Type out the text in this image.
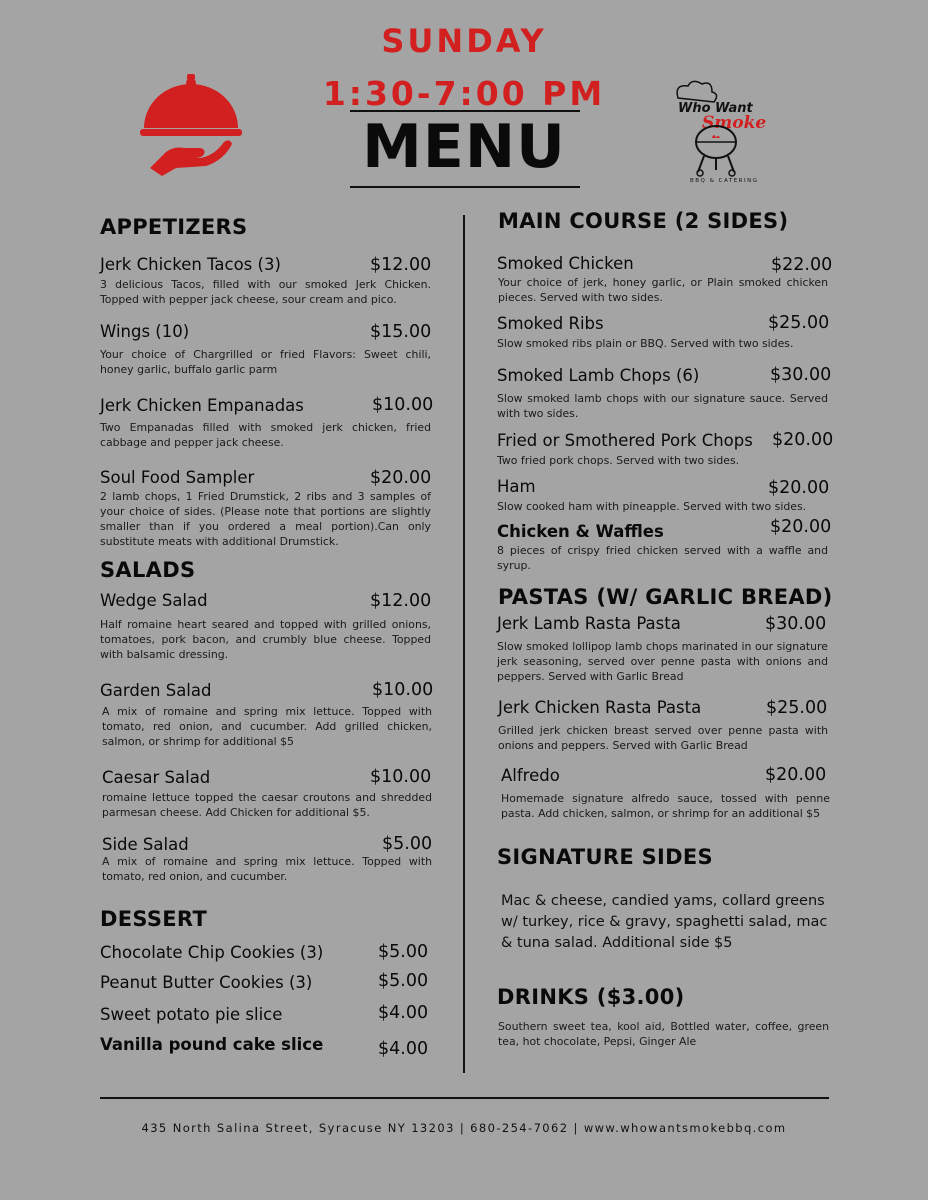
SUNDAY
1:30-7:00 PM
MENU
Who Want
Smoke
BBQ & CATERING
APPETIZERS
Jerk Chicken Tacos (3)	$12.00
3 delicious Tacos, filled with our smoked Jerk Chicken. Topped with pepper jack cheese, sour cream and pico.
Wings (10)	$15.00
Your choice of Chargrilled or fried Flavors: Sweet chili, honey garlic, buffalo garlic parm
Jerk Chicken Empanadas	$10.00
Two Empanadas filled with smoked jerk chicken, fried cabbage and pepper jack cheese.
Soul Food Sampler	$20.00
2 lamb chops, 1 Fried Drumstick, 2 ribs and 3 samples of your choice of sides. (Please note that portions are slightly smaller than if you ordered a meal portion).Can only substitute meats with additional Drumstick.
SALADS
Wedge Salad	$12.00
Half romaine heart seared and topped with grilled onions, tomatoes, pork bacon, and crumbly blue cheese. Topped with balsamic dressing.
Garden Salad	$10.00
A mix of romaine and spring mix lettuce. Topped with tomato, red onion, and cucumber. Add grilled chicken, salmon, or shrimp for additional $5
Caesar Salad	$10.00
romaine lettuce topped the caesar croutons and shredded parmesan cheese. Add Chicken for additional $5.
Side Salad	$5.00
A mix of romaine and spring mix lettuce. Topped with tomato, red onion, and cucumber.
DESSERT
Chocolate Chip Cookies (3)	$5.00
Peanut Butter Cookies (3)	$5.00
Sweet potato pie slice	$4.00
Vanilla pound cake slice	$4.00
MAIN COURSE (2 SIDES)
Smoked Chicken	$22.00
Your choice of jerk, honey garlic, or Plain smoked chicken pieces. Served with two sides.
Smoked Ribs	$25.00
Slow smoked ribs plain or BBQ. Served with two sides.
Smoked Lamb Chops (6)	$30.00
Slow smoked lamb chops with our signature sauce. Served with two sides.
Fried or Smothered Pork Chops $20.00
Two fried pork chops. Served with two sides.
Ham	$20.00
Slow cooked ham with pineapple. Served with two sides.
Chicken & Waffles	$20.00
8 pieces of crispy fried chicken served with a waffle and syrup.
PASTAS (W/ GARLIC BREAD)
Jerk Lamb Rasta Pasta	$30.00
Slow smoked lollipop lamb chops marinated in our signature jerk seasoning, served over penne pasta with onions and peppers. Served with Garlic Bread
Jerk Chicken Rasta Pasta	$25.00
Grilled jerk chicken breast served over penne pasta with onions and peppers. Served with Garlic Bread
Alfredo	$20.00
Homemade signature alfredo sauce, tossed with penne pasta. Add chicken, salmon, or shrimp for an additional $5
SIGNATURE SIDES
Mac & cheese, candied yams, collard greens w/ turkey, rice & gravy, spaghetti salad, mac & tuna salad. Additional side $5
DRINKS ($3.00)
Southern sweet tea, kool aid, Bottled water, coffee, green tea, hot chocolate, Pepsi, Ginger Ale
435 North Salina Street, Syracuse NY 13203 | 680-254-7062 | www.whowantsmokebbq.com
